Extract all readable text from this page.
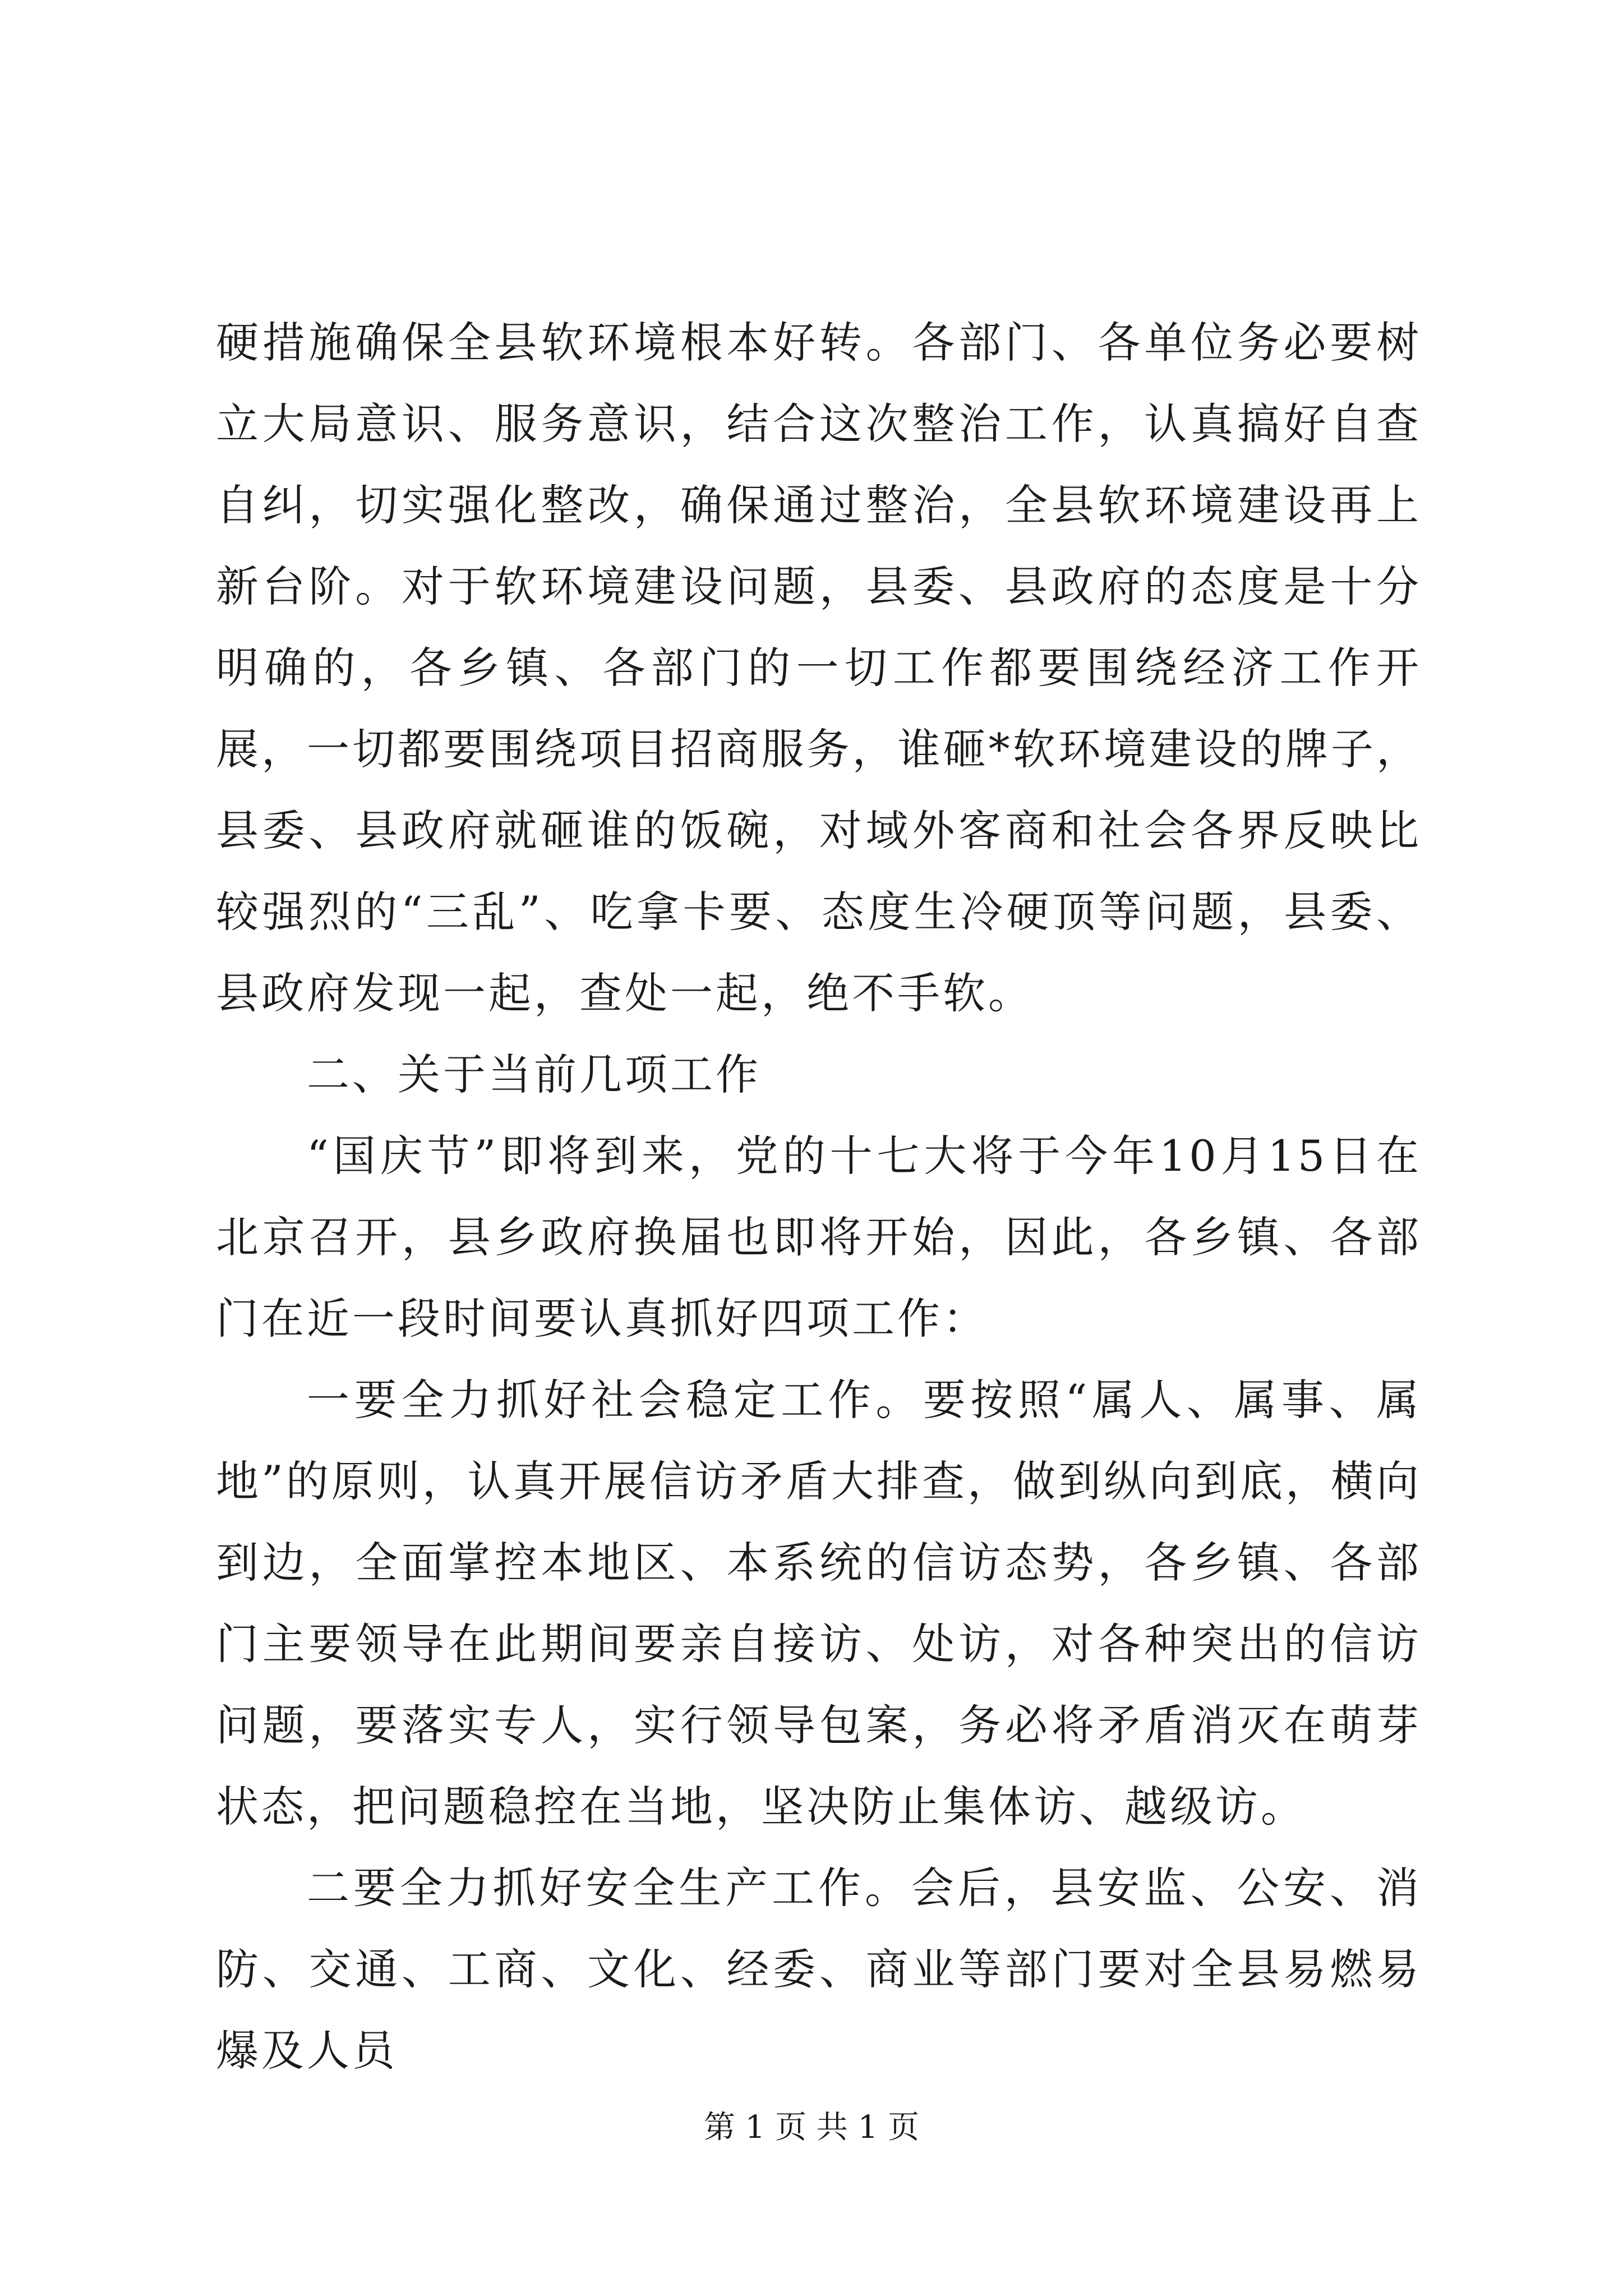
硬措施确保全县软环境根本好转。各部门、各单位务必要树立大局意识、服务意识，结合这次整治工作，认真搞好自查自纠，切实强化整改，确保通过整治，全县软环境建设再上新台阶。对于软环境建设问题，县委、县政府的态度是十分明确的，各乡镇、各部门的一切工作都要围绕经济工作开展，一切都要围绕项目招商服务，谁砸*软环境建设的牌子，县委、县政府就砸谁的饭碗，对域外客商和社会各界反映比较强烈的“三乱”、吃拿卡要、态度生冷硬顶等问题，县委、县政府发现一起，查处一起，绝不手软。

二、关于当前几项工作

“国庆节”即将到来，党的十七大将于今年10月15日在北京召开，县乡政府换届也即将开始，因此，各乡镇、各部门在近一段时间要认真抓好四项工作：

一要全力抓好社会稳定工作。要按照“属人、属事、属地”的原则，认真开展信访矛盾大排查，做到纵向到底，横向到边，全面掌控本地区、本系统的信访态势，各乡镇、各部门主要领导在此期间要亲自接访、处访，对各种突出的信访问题，要落实专人，实行领导包案，务必将矛盾消灭在萌芽状态，把问题稳控在当地，坚决防止集体访、越级访。

二要全力抓好安全生产工作。会后，县安监、公安、消防、交通、工商、文化、经委、商业等部门要对全县易燃易爆及人员

第 1 页 共 1 页
